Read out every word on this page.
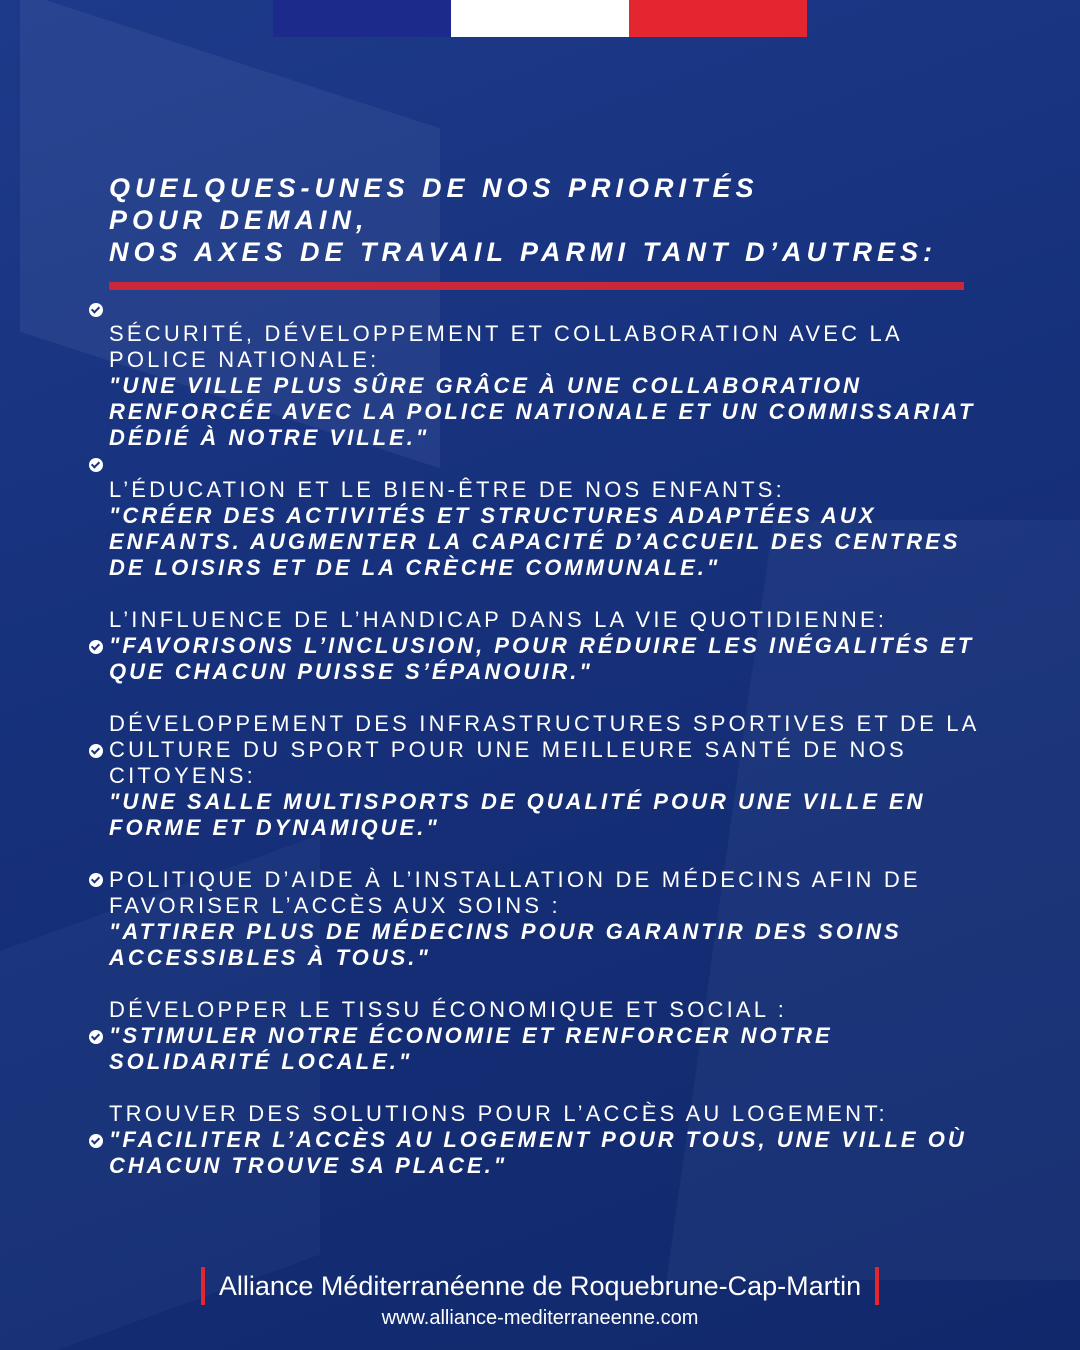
QUELQUES-UNES DE NOS PRIORITÉS
POUR DEMAIN,
NOS AXES DE TRAVAIL PARMI TANT D’AUTRES:
SÉCURITÉ, DÉVELOPPEMENT ET COLLABORATION AVEC LA POLICE NATIONALE:
"UNE VILLE PLUS SÛRE GRÂCE À UNE COLLABORATION RENFORCÉE AVEC LA POLICE NATIONALE ET UN COMMISSARIAT DÉDIÉ À NOTRE VILLE."
L’ÉDUCATION ET LE BIEN-ÊTRE DE NOS ENFANTS:
"CRÉER DES ACTIVITÉS ET STRUCTURES ADAPTÉES AUX ENFANTS. AUGMENTER LA CAPACITÉ D’ACCUEIL DES CENTRES DE LOISIRS ET DE LA CRÈCHE COMMUNALE."
L’INFLUENCE DE L’HANDICAP DANS LA VIE QUOTIDIENNE:
"FAVORISONS L’INCLUSION, POUR RÉDUIRE LES INÉGALITÉS ET QUE CHACUN PUISSE S’ÉPANOUIR."
DÉVELOPPEMENT DES INFRASTRUCTURES SPORTIVES ET DE LA CULTURE DU SPORT POUR UNE MEILLEURE SANTÉ DE NOS CITOYENS:
"UNE SALLE MULTISPORTS DE QUALITÉ POUR UNE VILLE EN FORME ET DYNAMIQUE."
POLITIQUE D’AIDE À L’INSTALLATION DE MÉDECINS AFIN DE FAVORISER L’ACCÈS AUX SOINS :
"ATTIRER PLUS DE MÉDECINS POUR GARANTIR DES SOINS ACCESSIBLES À TOUS."
DÉVELOPPER LE TISSU ÉCONOMIQUE ET SOCIAL :
"STIMULER NOTRE ÉCONOMIE ET RENFORCER NOTRE SOLIDARITÉ LOCALE."
TROUVER DES SOLUTIONS POUR L’ACCÈS AU LOGEMENT:
"FACILITER L’ACCÈS AU LOGEMENT POUR TOUS, UNE VILLE OÙ CHACUN TROUVE SA PLACE."
Alliance Méditerranéenne de Roquebrune-Cap-Martin
www.alliance-mediterraneenne.com
